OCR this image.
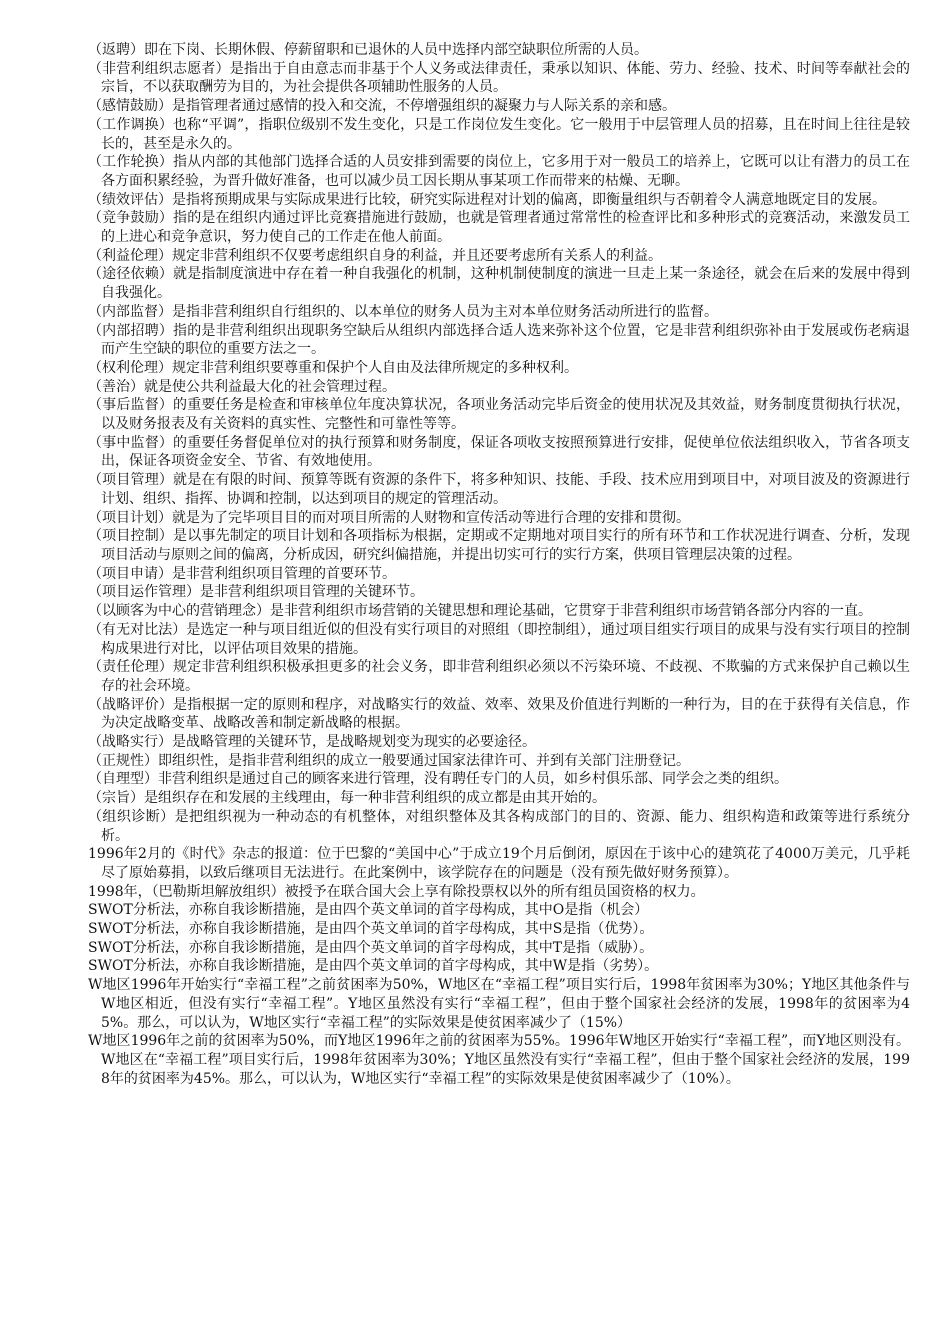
（返聘）即在下岗、长期休假、停薪留职和已退休的人员中选择内部空缺职位所需的人员。

（非营利组织志愿者）是指出于自由意志而非基于个人义务或法律责任，秉承以知识、体能、劳力、经验、技术、时间等奉献社会的宗旨，不以获取酬劳为目的，为社会提供各项辅助性服务的人员。

（感情鼓励）是指管理者通过感情的投入和交流，不停增强组织的凝聚力与人际关系的亲和感。

（工作调换）也称“平调”，指职位级别不发生变化，只是工作岗位发生变化。它一般用于中层管理人员的招募，且在时间上往往是较长的，甚至是永久的。

（工作轮换）指从内部的其他部门选择合适的人员安排到需要的岗位上，它多用于对一般员工的培养上，它既可以让有潜力的员工在各方面积累经验，为晋升做好准备，也可以减少员工因长期从事某项工作而带来的枯燥、无聊。

（绩效评估）是指将预期成果与实际成果进行比较，研究实际进程对计划的偏离，即衡量组织与否朝着令人满意地既定目的发展。

（竞争鼓励）指的是在组织内通过评比竞赛措施进行鼓励，也就是管理者通过常常性的检查评比和多种形式的竞赛活动，来激发员工的上进心和竞争意识，努力使自己的工作走在他人前面。

（利益伦理）规定非营利组织不仅要考虑组织自身的利益，并且还要考虑所有关系人的利益。

（途径依赖）就是指制度演进中存在着一种自我强化的机制，这种机制使制度的演进一旦走上某一条途径，就会在后来的发展中得到自我强化。

（内部监督）是指非营利组织自行组织的、以本单位的财务人员为主对本单位财务活动所进行的监督。

（内部招聘）指的是非营利组织出现职务空缺后从组织内部选择合适人选来弥补这个位置，它是非营利组织弥补由于发展或伤老病退而产生空缺的职位的重要方法之一。

（权利伦理）规定非营利组织要尊重和保护个人自由及法律所规定的多种权利。

（善治）就是使公共利益最大化的社会管理过程。

（事后监督）的重要任务是检查和审核单位年度决算状况，各项业务活动完毕后资金的使用状况及其效益，财务制度贯彻执行状况，以及财务报表及有关资料的真实性、完整性和可靠性等等。

（事中监督）的重要任务督促单位对的执行预算和财务制度，保证各项收支按照预算进行安排，促使单位依法组织收入，节省各项支出，保证各项资金安全、节省、有效地使用。

（项目管理）就是在有限的时间、预算等既有资源的条件下，将多种知识、技能、手段、技术应用到项目中，对项目波及的资源进行计划、组织、指挥、协调和控制，以达到项目的规定的管理活动。

（项目计划）就是为了完毕项目目的而对项目所需的人财物和宣传活动等进行合理的安排和贯彻。

（项目控制）是以事先制定的项目计划和各项指标为根据，定期或不定期地对项目实行的所有环节和工作状况进行调查、分析，发现项目活动与原则之间的偏离，分析成因，研究纠偏措施，并提出切实可行的实行方案，供项目管理层决策的过程。

（项目申请）是非营利组织项目管理的首要环节。

（项目运作管理）是非营利组织项目管理的关键环节。

（以顾客为中心的营销理念）是非营利组织市场营销的关键思想和理论基础，它贯穿于非营利组织市场营销各部分内容的一直。

（有无对比法）是选定一种与项目组近似的但没有实行项目的对照组（即控制组），通过项目组实行项目的成果与没有实行项目的控制构成果进行对比，以评估项目效果的措施。

（责任伦理）规定非营利组织积极承担更多的社会义务，即非营利组织必须以不污染环境、不歧视、不欺骗的方式来保护自己赖以生存的社会环境。

（战略评价）是指根据一定的原则和程序，对战略实行的效益、效率、效果及价值进行判断的一种行为，目的在于获得有关信息，作为决定战略变革、战略改善和制定新战略的根据。

（战略实行）是战略管理的关键环节，是战略规划变为现实的必要途径。

（正规性）即组织性，是指非营利组织的成立一般要通过国家法律许可、并到有关部门注册登记。

（自理型）非营利组织是通过自己的顾客来进行管理，没有聘任专门的人员，如乡村俱乐部、同学会之类的组织。

（宗旨）是组织存在和发展的主线理由，每一种非营利组织的成立都是由其开始的。

（组织诊断）是把组织视为一种动态的有机整体，对组织整体及其各构成部门的目的、资源、能力、组织构造和政策等进行系统分析。

1996年2月的《时代》杂志的报道：位于巴黎的“美国中心”于成立19个月后倒闭，原因在于该中心的建筑花了4000万美元，几乎耗尽了原始募捐，以致后继项目无法进行。在此案例中，该学院存在的问题是（没有预先做好财务预算）。

1998年，（巴勒斯坦解放组织）被授予在联合国大会上享有除投票权以外的所有组员国资格的权力。

SWOT分析法，亦称自我诊断措施，是由四个英文单词的首字母构成，其中O是指（机会）

SWOT分析法，亦称自我诊断措施，是由四个英文单词的首字母构成，其中S是指（优势）。

SWOT分析法，亦称自我诊断措施，是由四个英文单词的首字母构成，其中T是指（威胁）。

SWOT分析法，亦称自我诊断措施，是由四个英文单词的首字母构成，其中W是指（劣势）。

W地区1996年开始实行“幸福工程”之前贫困率为50%，W地区在“幸福工程”项目实行后，1998年贫困率为30%；Y地区其他条件与W地区相近，但没有实行“幸福工程”。Y地区虽然没有实行“幸福工程”，但由于整个国家社会经济的发展，1998年的贫困率为45%。那么，可以认为，W地区实行“幸福工程”的实际效果是使贫困率减少了（15%）

W地区1996年之前的贫困率为50%，而Y地区1996年之前的贫困率为55%。1996年W地区开始实行“幸福工程”，而Y地区则没有。W地区在“幸福工程”项目实行后，1998年贫困率为30%；Y地区虽然没有实行“幸福工程”，但由于整个国家社会经济的发展，1998年的贫困率为45%。那么，可以认为，W地区实行“幸福工程”的实际效果是使贫困率减少了（10%）。
